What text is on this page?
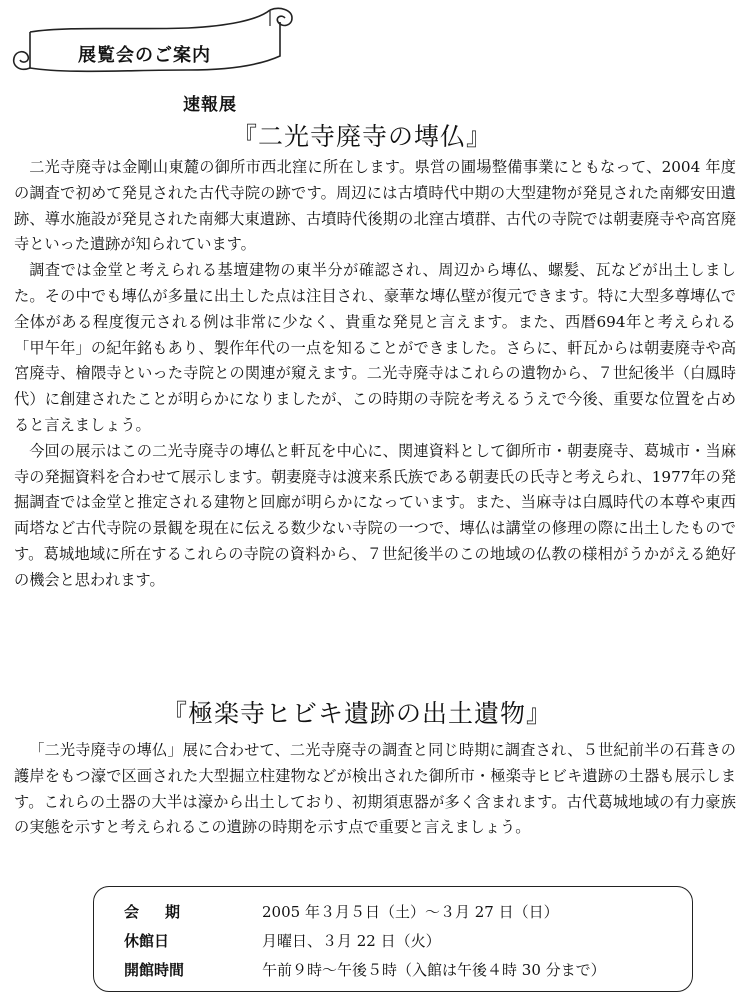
展覧会のご案内
速報展
『二光寺廃寺の塼仏』

二光寺廃寺は金剛山東麓の御所市西北窪に所在します。県営の圃場整備事業にともなって、2004 年度の調査で初めて発見された古代寺院の跡です。周辺には古墳時代中期の大型建物が発見された南郷安田遺跡、導水施設が発見された南郷大東遺跡、古墳時代後期の北窪古墳群、古代の寺院では朝妻廃寺や高宮廃寺といった遺跡が知られています。

調査では金堂と考えられる基壇建物の東半分が確認され、周辺から塼仏、螺髪、瓦などが出土しました。その中でも塼仏が多量に出土した点は注目され、豪華な塼仏壁が復元できます。特に大型多尊塼仏で全体がある程度復元される例は非常に少なく、貴重な発見と言えます。また、西暦694年と考えられる「甲午年」の紀年銘もあり、製作年代の一点を知ることができました。さらに、軒瓦からは朝妻廃寺や高宮廃寺、檜隈寺といった寺院との関連が窺えます。二光寺廃寺はこれらの遺物から、７世紀後半（白鳳時代）に創建されたことが明らかになりましたが、この時期の寺院を考えるうえで今後、重要な位置を占めると言えましょう。

今回の展示はこの二光寺廃寺の塼仏と軒瓦を中心に、関連資料として御所市・朝妻廃寺、葛城市・当麻寺の発掘資料を合わせて展示します。朝妻廃寺は渡来系氏族である朝妻氏の氏寺と考えられ、1977年の発掘調査では金堂と推定される建物と回廊が明らかになっています。また、当麻寺は白鳳時代の本尊や東西両塔など古代寺院の景観を現在に伝える数少ない寺院の一つで、塼仏は講堂の修理の際に出土したものです。葛城地域に所在するこれらの寺院の資料から、７世紀後半のこの地域の仏教の様相がうかがえる絶好の機会と思われます。

『極楽寺ヒビキ遺跡の出土遺物』

「二光寺廃寺の塼仏」展に合わせて、二光寺廃寺の調査と同じ時期に調査され、５世紀前半の石葺きの護岸をもつ濠で区画された大型掘立柱建物などが検出された御所市・極楽寺ヒビキ遺跡の土器も展示します。これらの土器の大半は濠から出土しており、初期須恵器が多く含まれます。古代葛城地域の有力豪族の実態を示すと考えられるこの遺跡の時期を示す点で重要と言えましょう。

会期	2005 年３月５日（土）〜３月 27 日（日）
休館日	月曜日、３月 22 日（火）
開館時間	午前９時〜午後５時（入館は午後４時 30 分まで）
